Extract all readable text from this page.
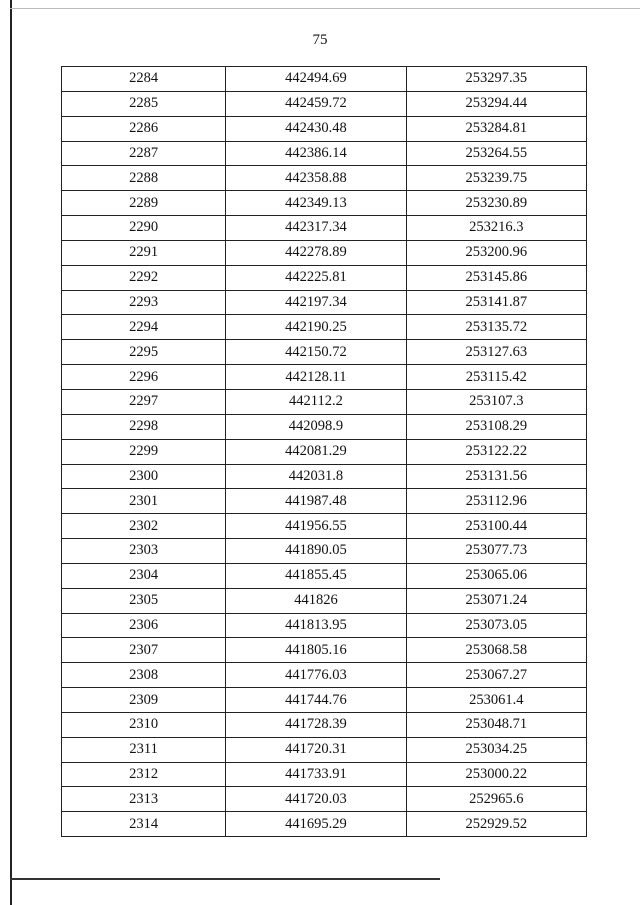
75
2284	442494.69	253297.35
2285	442459.72	253294.44
2286	442430.48	253284.81
2287	442386.14	253264.55
2288	442358.88	253239.75
2289	442349.13	253230.89
2290	442317.34	253216.3
2291	442278.89	253200.96
2292	442225.81	253145.86
2293	442197.34	253141.87
2294	442190.25	253135.72
2295	442150.72	253127.63
2296	442128.11	253115.42
2297	442112.2	253107.3
2298	442098.9	253108.29
2299	442081.29	253122.22
2300	442031.8	253131.56
2301	441987.48	253112.96
2302	441956.55	253100.44
2303	441890.05	253077.73
2304	441855.45	253065.06
2305	441826	253071.24
2306	441813.95	253073.05
2307	441805.16	253068.58
2308	441776.03	253067.27
2309	441744.76	253061.4
2310	441728.39	253048.71
2311	441720.31	253034.25
2312	441733.91	253000.22
2313	441720.03	252965.6
2314	441695.29	252929.52
